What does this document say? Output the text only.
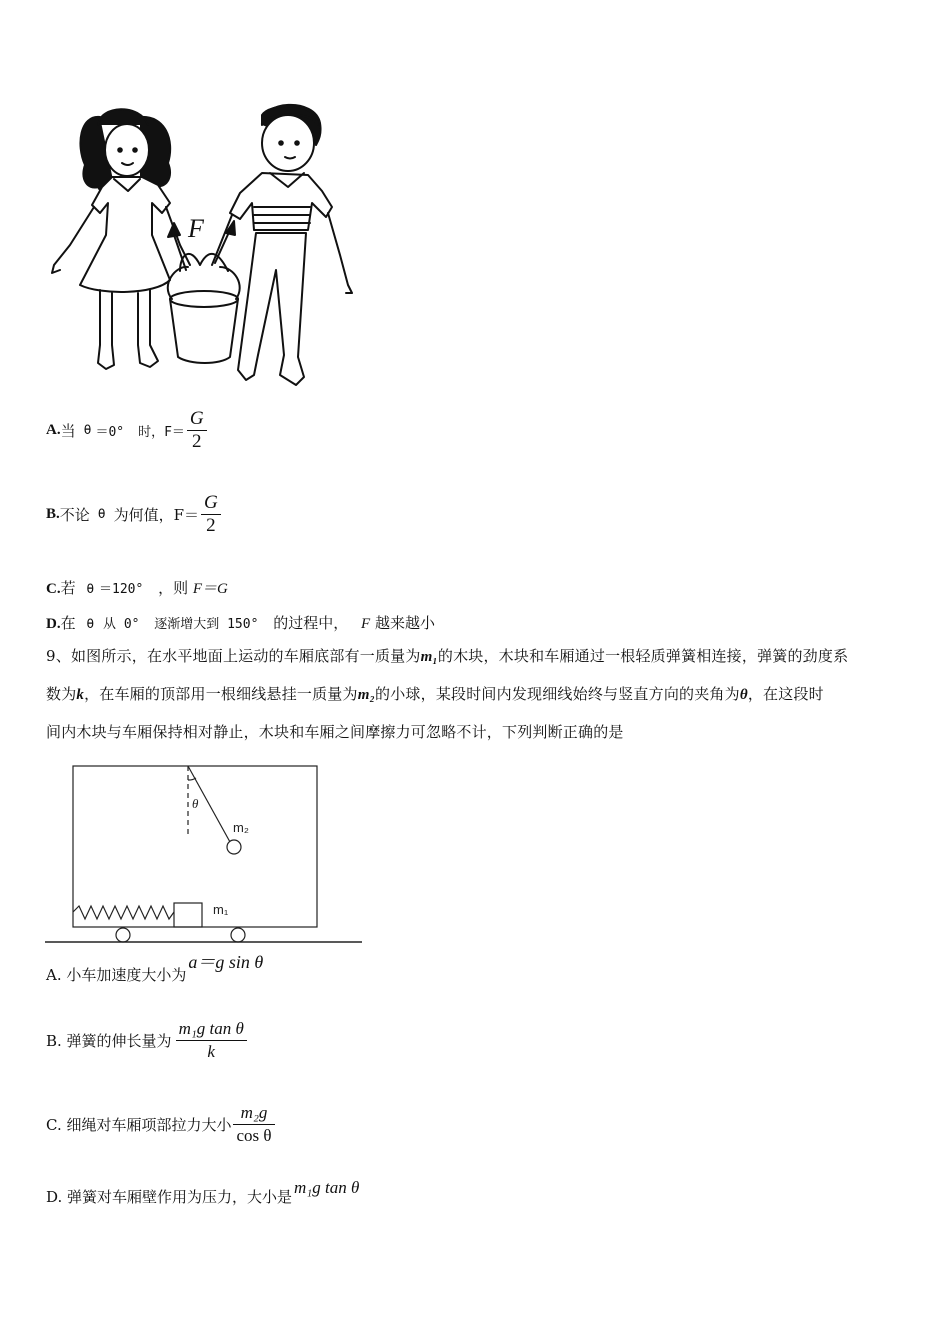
F
A. 当 θ ＝0° 时，$F= \frac{G}{2}$
B. 不论 θ 为何值，$F= \frac{G}{2}$
C.若 θ ＝120° ，则 F＝G
D.在 θ 从 0° 逐渐增大到 150° 的过程中， F 越来越小
9、如图所示，在水平地面上运动的车厢底部有一质量为m₁的木块，木块和车厢通过一根轻质弹簧相连接，弹簧的劲度系
数为k，在车厢的顶部用一根细线悬挂一质量为m₂的小球，某段时间内发现细线始终与竖直方向的夹角为θ，在这段时
间内木块与车厢保持相对静止，木块和车厢之间摩擦力可忽略不计，下列判断正确的是
θ
m₂
m₁
A. 小车加速度大小为
a＝g sin θ
B. 弹簧的伸长量为 $\frac{\text{m₁g tan θ}}{k}$
C. 细绳对车厢项部拉力大小 $\frac{\text{m₂g}}{\text{cos θ}}$
D. 弹簧对车厢壁作用为压力，大小是 m₁g tan θ
